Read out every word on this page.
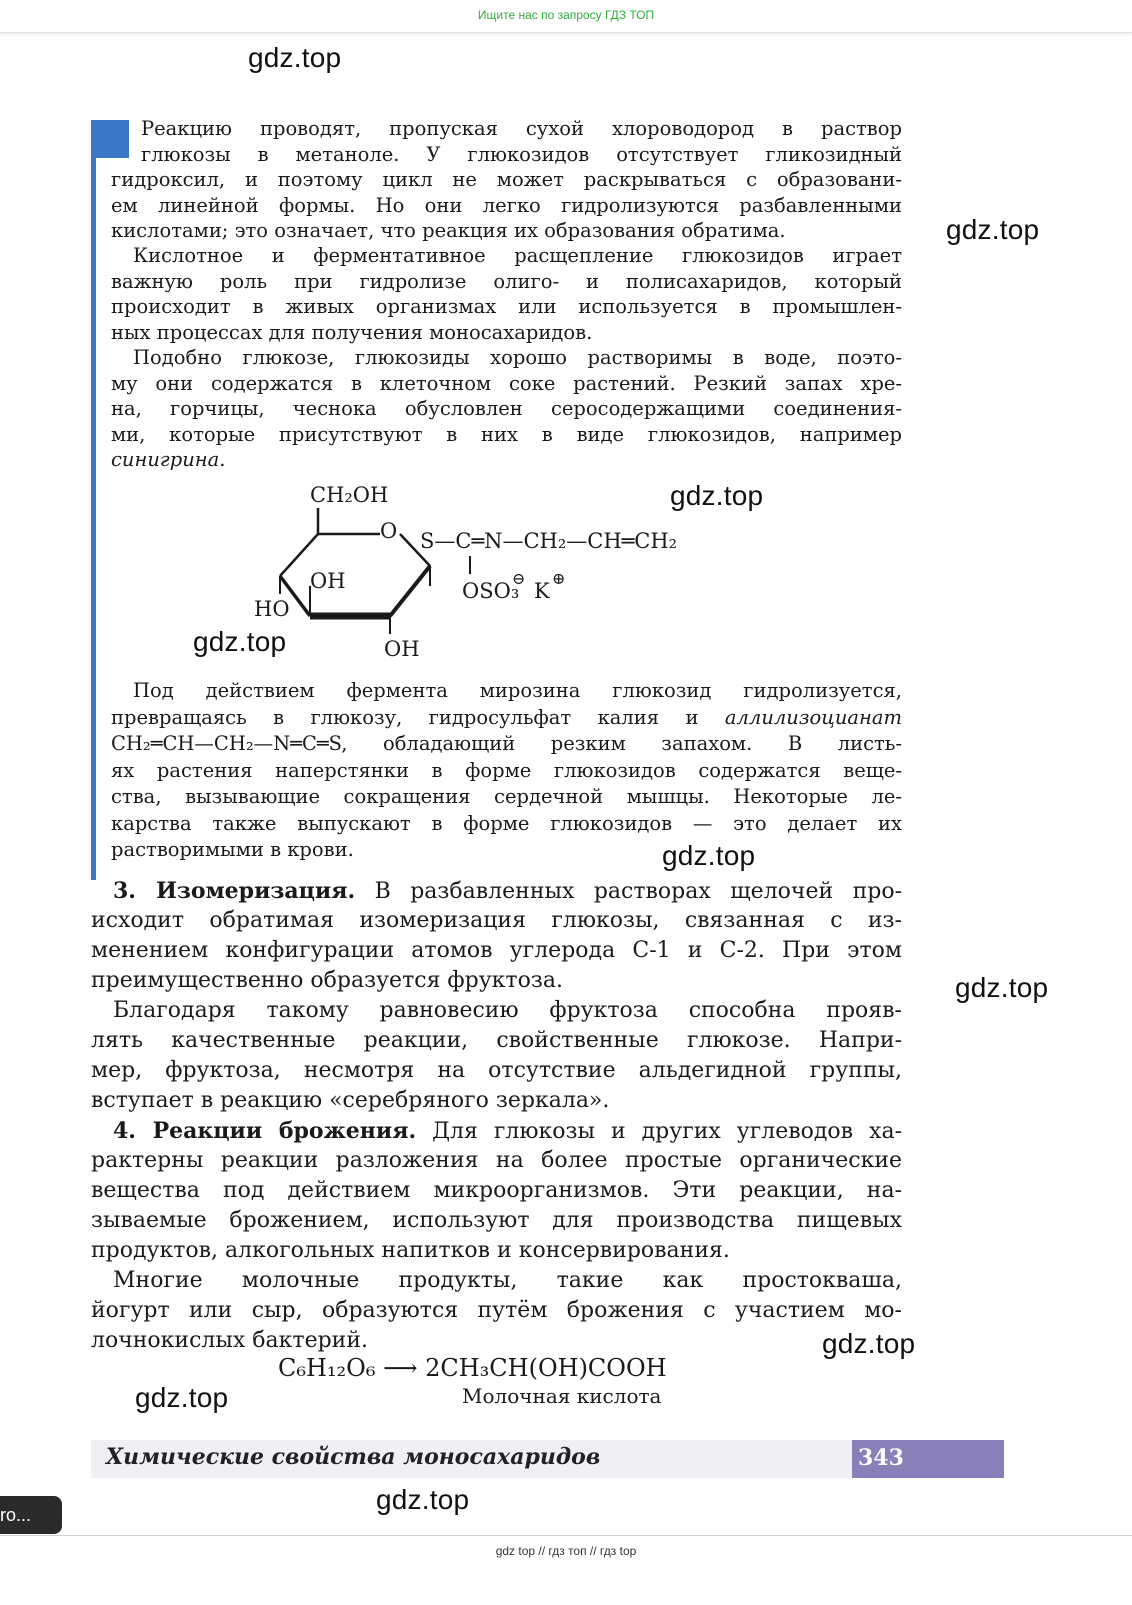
Ищите нас по запросу ГДЗ ТОП
gdz.top
gdz.top
gdz.top
gdz.top
gdz.top
gdz.top
gdz.top
gdz.top
gdz.top
Реакцию проводят, пропуская сухой хлороводород в раствор
глюкозы в метаноле. У глюкозидов отсутствует гликозидный
гидроксил, и поэтому цикл не может раскрываться с образовани-
ем линейной формы. Но они легко гидролизуются разбавленными
кислотами; это означает, что реакция их образования обратима.
Кислотное и ферментативное расщепление глюкозидов играет
важную роль при гидролизе олиго- и полисахаридов, который
происходит в живых организмах или используется в промышлен-
ных процессах для получения моносахаридов.
Подобно глюкозе, глюкозиды хорошо растворимы в воде, поэто-
му они содержатся в клеточном соке растений. Резкий запах хре-
на, горчицы, чеснока обусловлен серосодержащими соединения-
ми, которые присутствуют в них в виде глюкозидов, например
синигрина.
CH₂OH
O
OH
HO
OH
S—C═N—CH₂—CH═CH₂
OSO₃
⊖
K
⊕
Под действием фермента мирозина глюкозид гидролизуется,
превращаясь в глюкозу, гидросульфат калия и аллилизоцианат
CH₂═CH—CH₂—N═C═S, обладающий резким запахом. В листь-
ях растения наперстянки в форме глюкозидов содержатся веще-
ства, вызывающие сокращения сердечной мышцы. Некоторые ле-
карства также выпускают в форме глюкозидов — это делает их
растворимыми в крови.
3. Изомеризация. В разбавленных растворах щелочей про-
исходит обратимая изомеризация глюкозы, связанная с из-
менением конфигурации атомов углерода С-1 и С-2. При этом
преимущественно образуется фруктоза.
Благодаря такому равновесию фруктоза способна прояв-
лять качественные реакции, свойственные глюкозе. Напри-
мер, фруктоза, несмотря на отсутствие альдегидной группы,
вступает в реакцию «серебряного зеркала».
4. Реакции брожения. Для глюкозы и других углеводов ха-
рактерны реакции разложения на более простые органические
вещества под действием микроорганизмов. Эти реакции, на-
зываемые брожением, используют для производства пищевых
продуктов, алкогольных напитков и консервирования.
Многие молочные продукты, такие как простокваша,
йогурт или сыр, образуются путём брожения с участием мо-
лочнокислых бактерий.
C₆H₁₂O₆ ⟶ 2CH₃CH(OH)COOH
Молочная кислота
Химические свойства моносахаридов	343
ro...
gdz top // гдз топ // гдз top
